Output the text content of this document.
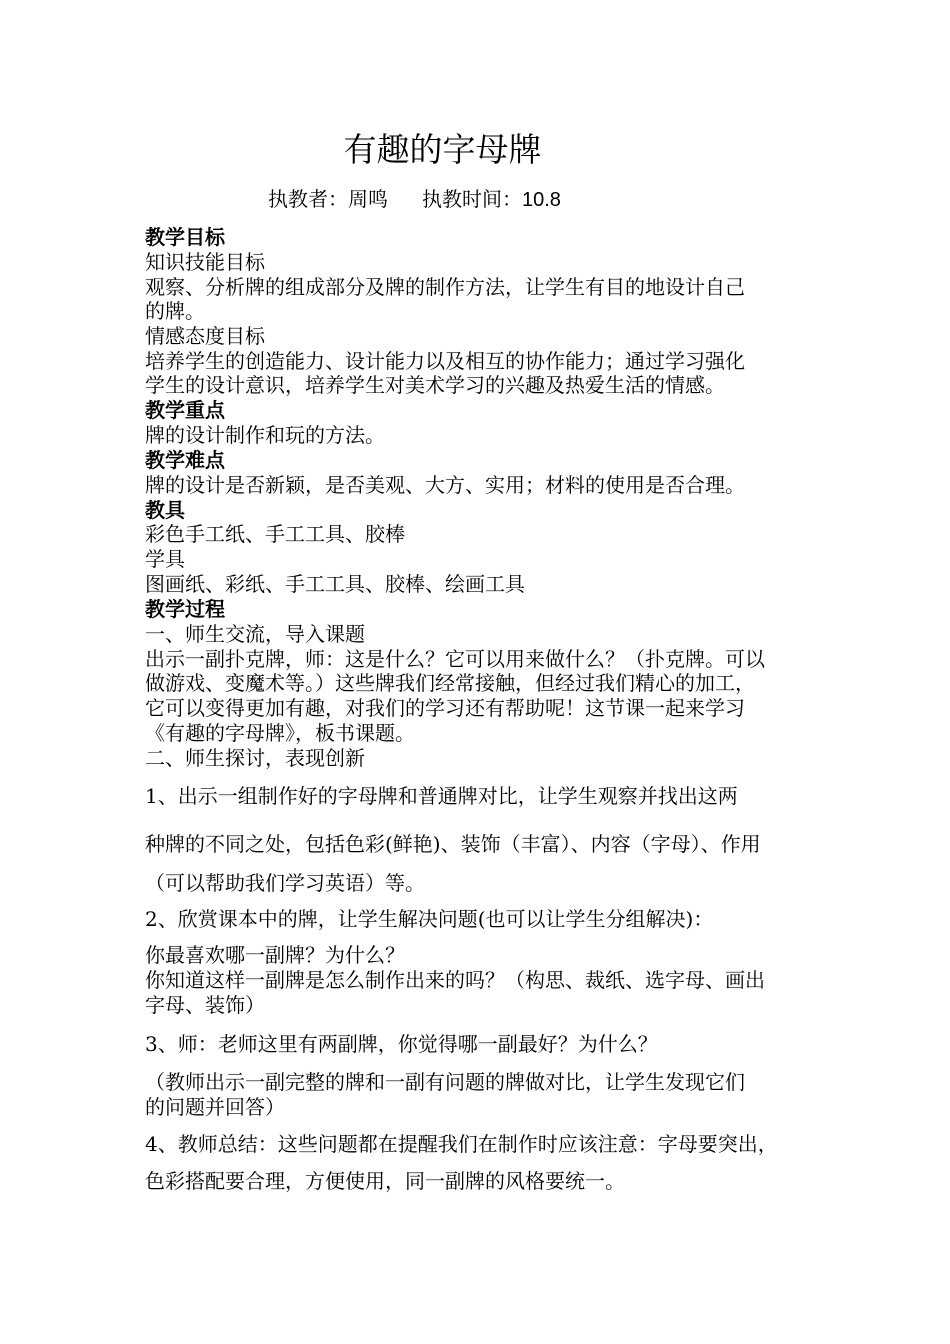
有趣的字母牌
执教者：周鸣 执教时间：10.8
教学目标
知识技能目标
观察、分析牌的组成部分及牌的制作方法，让学生有目的地设计自己
的牌。
情感态度目标
培养学生的创造能力、设计能力以及相互的协作能力；通过学习强化
学生的设计意识，培养学生对美术学习的兴趣及热爱生活的情感。
教学重点
牌的设计制作和玩的方法。
教学难点
牌的设计是否新颖，是否美观、大方、实用；材料的使用是否合理。
教具
彩色手工纸、手工工具、胶棒
学具
图画纸、彩纸、手工工具、胶棒、绘画工具
教学过程
一、师生交流，导入课题
出示一副扑克牌，师：这是什么？它可以用来做什么？（扑克牌。可以
做游戏、变魔术等。）这些牌我们经常接触，但经过我们精心的加工，
它可以变得更加有趣，对我们的学习还有帮助呢！这节课一起来学习
《有趣的字母牌》，板书课题。
二、师生探讨，表现创新
1、出示一组制作好的字母牌和普通牌对比，让学生观察并找出这两
种牌的不同之处，包括色彩(鲜艳)、装饰（丰富）、内容（字母）、作用
（可以帮助我们学习英语）等。
2、欣赏课本中的牌，让学生解决问题(也可以让学生分组解决)：
你最喜欢哪一副牌？为什么？
你知道这样一副牌是怎么制作出来的吗？（构思、裁纸、选字母、画出
字母、装饰）
3、师：老师这里有两副牌，你觉得哪一副最好？为什么？
（教师出示一副完整的牌和一副有问题的牌做对比，让学生发现它们
的问题并回答）
4、教师总结：这些问题都在提醒我们在制作时应该注意：字母要突出，
色彩搭配要合理，方便使用，同一副牌的风格要统一。
